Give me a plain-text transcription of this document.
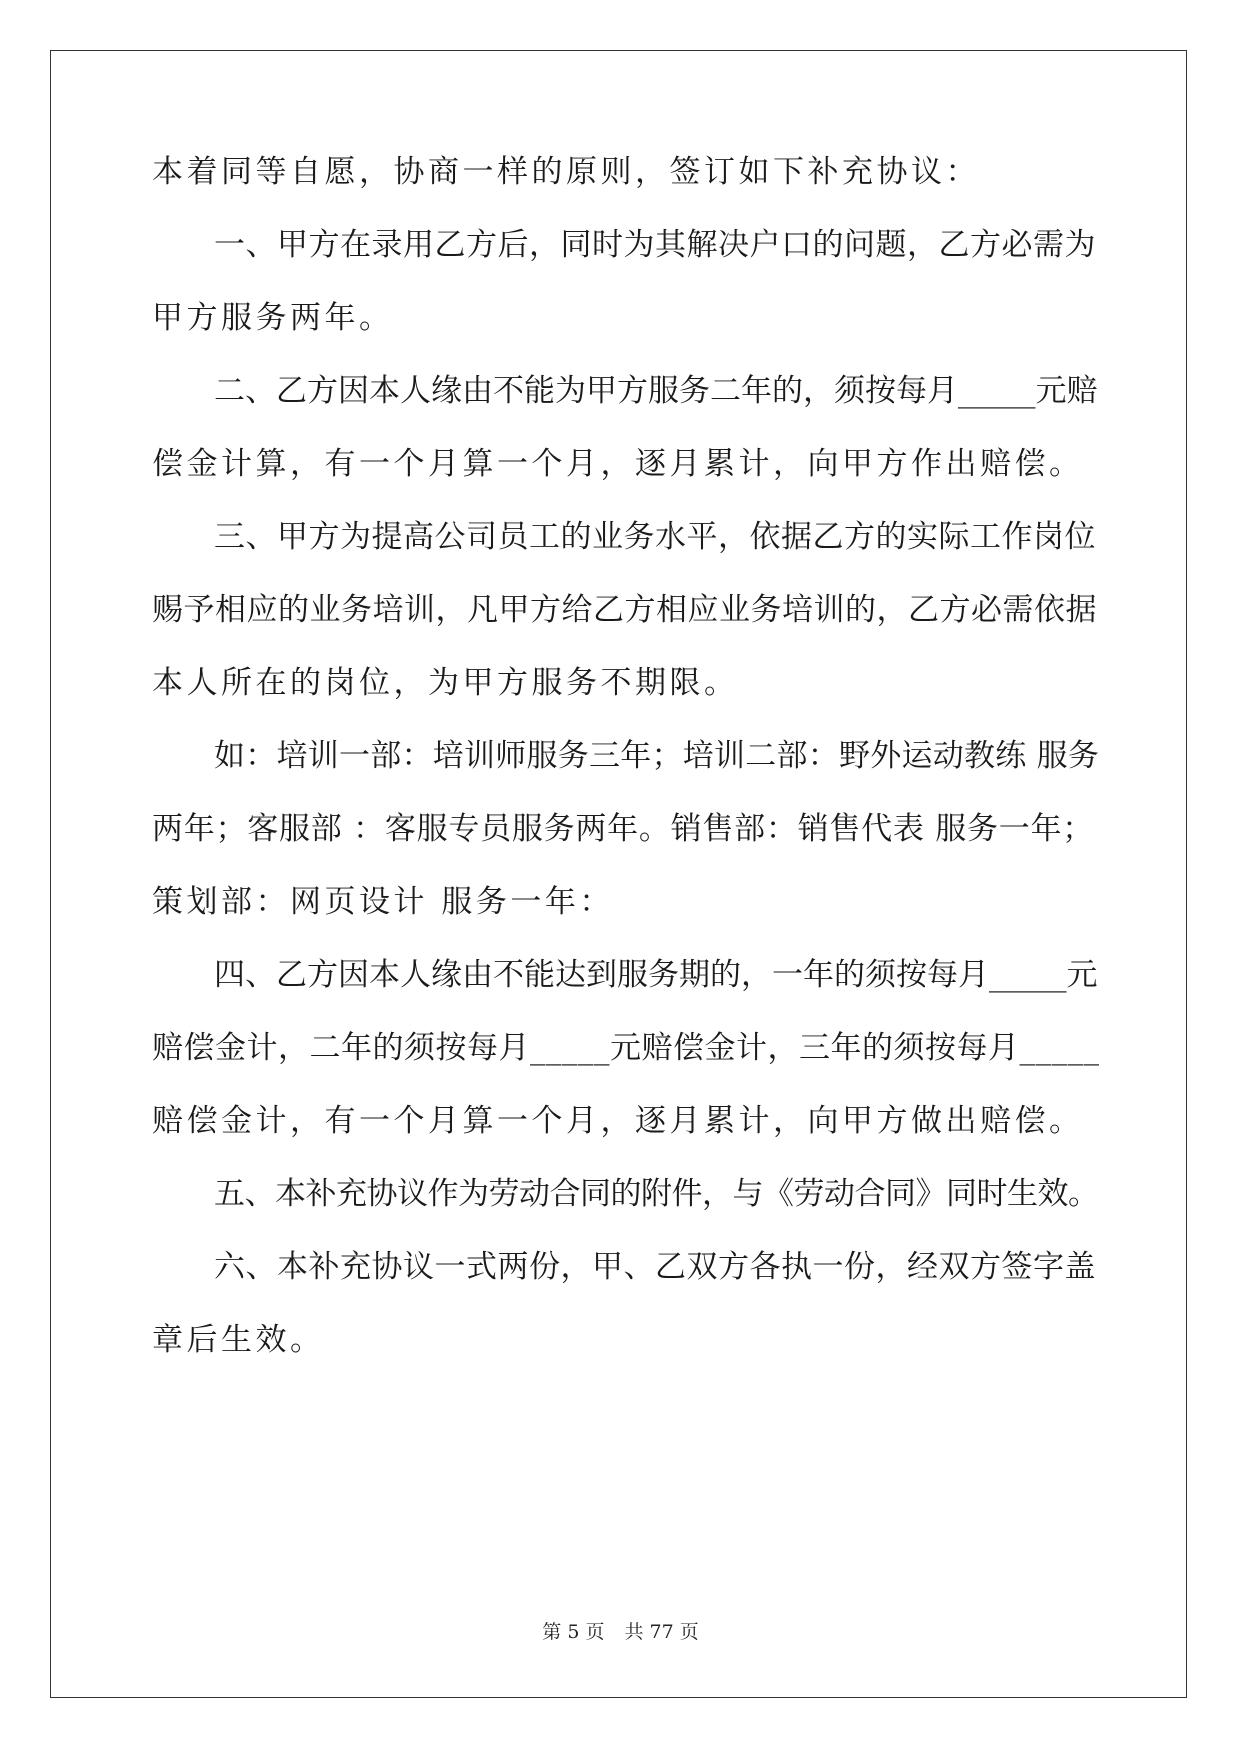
本着同等自愿，协商一样的原则，签订如下补充协议：
一、甲方在录用乙方后，同时为其解决户口的问题，乙方必需为
甲方服务两年。
二、乙方因本人缘由不能为甲方服务二年的，须按每月_____元赔
偿金计算，有一个月算一个月，逐月累计，向甲方作出赔偿。
三、甲方为提高公司员工的业务水平，依据乙方的实际工作岗位
赐予相应的业务培训，凡甲方给乙方相应业务培训的，乙方必需依据
本人所在的岗位，为甲方服务不期限。
如：培训一部：培训师服务三年；培训二部：野外运动教练 服务
两年；客服部 ：客服专员服务两年。销售部：销售代表 服务一年；
策划部：网页设计 服务一年：
四、乙方因本人缘由不能达到服务期的，一年的须按每月_____元
赔偿金计，二年的须按每月_____元赔偿金计，三年的须按每月_____
赔偿金计，有一个月算一个月，逐月累计，向甲方做出赔偿。
五、本补充协议作为劳动合同的附件，与《劳动合同》同时生效。
六、本补充协议一式两份，甲、乙双方各执一份，经双方签字盖
章后生效。
第 5 页 共 77 页
